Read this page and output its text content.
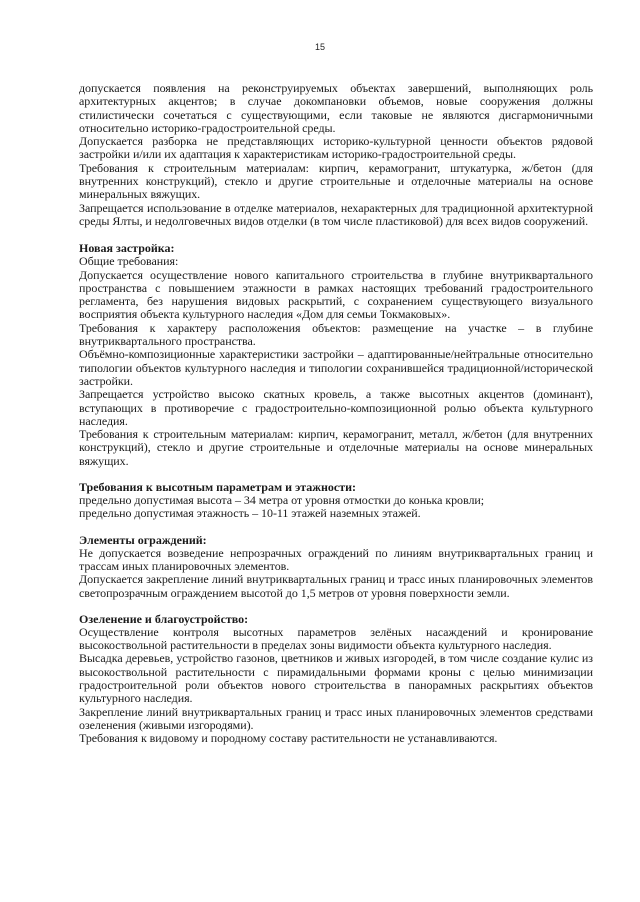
15

допускается появления на реконструируемых объектах завершений, выполняющих роль архитектурных акцентов; в случае докомпановки объемов, новые сооружения должны стилистически сочетаться с существующими, если таковые не являются дисгармоничными относительно историко-градостроительной среды.

Допускается разборка не представляющих историко-культурной ценности объектов рядовой застройки и/или их адаптация к характеристикам историко-градостроительной среды.

Требования к строительным материалам: кирпич, керамогранит, штукатурка, ж/бетон (для внутренних конструкций), стекло и другие строительные и отделочные материалы на основе минеральных вяжущих.

Запрещается использование в отделке материалов, нехарактерных для традиционной архитектурной среды Ялты, и недолговечных видов отделки (в том числе пластиковой) для всех видов сооружений.

Новая застройка:

Общие требования:

Допускается осуществление нового капитального строительства в глубине внутриквартального пространства с повышением этажности в рамках настоящих требований градостроительного регламента, без нарушения видовых раскрытий, с сохранением существующего визуального восприятия объекта культурного наследия «Дом для семьи Токмаковых».

Требования к характеру расположения объектов: размещение на участке – в глубине внутриквартального пространства.

Объёмно-композиционные характеристики застройки – адаптированные/нейтральные относительно типологии объектов культурного наследия и типологии сохранившейся традиционной/исторической застройки.

Запрещается устройство высоко скатных кровель, а также высотных акцентов (доминант), вступающих в противоречие с градостроительно-композиционной ролью объекта культурного наследия.

Требования к строительным материалам: кирпич, керамогранит, металл, ж/бетон (для внутренних конструкций), стекло и другие строительные и отделочные материалы на основе минеральных вяжущих.

Требования к высотным параметрам и этажности:

предельно допустимая высота – 34 метра от уровня отмостки до конька кровли;

предельно допустимая этажность – 10-11 этажей наземных этажей.

Элементы ограждений:

Не допускается возведение непрозрачных ограждений по линиям внутриквартальных границ и трассам иных планировочных элементов.

Допускается закрепление линий внутриквартальных границ и трасс иных планировочных элементов светопрозрачным ограждением высотой до 1,5 метров от уровня поверхности земли.

Озеленение и благоустройство:

Осуществление контроля высотных параметров зелёных насаждений и кронирование высокоствольной растительности в пределах зоны видимости объекта культурного наследия.

Высадка деревьев, устройство газонов, цветников и живых изгородей, в том числе создание кулис из высокоствольной растительности с пирамидальными формами кроны с целью минимизации градостроительной роли объектов нового строительства в панорамных раскрытиях объектов культурного наследия.

Закрепление линий внутриквартальных границ и трасс иных планировочных элементов средствами озеленения (живыми изгородями).

Требования к видовому и породному составу растительности не устанавливаются.
